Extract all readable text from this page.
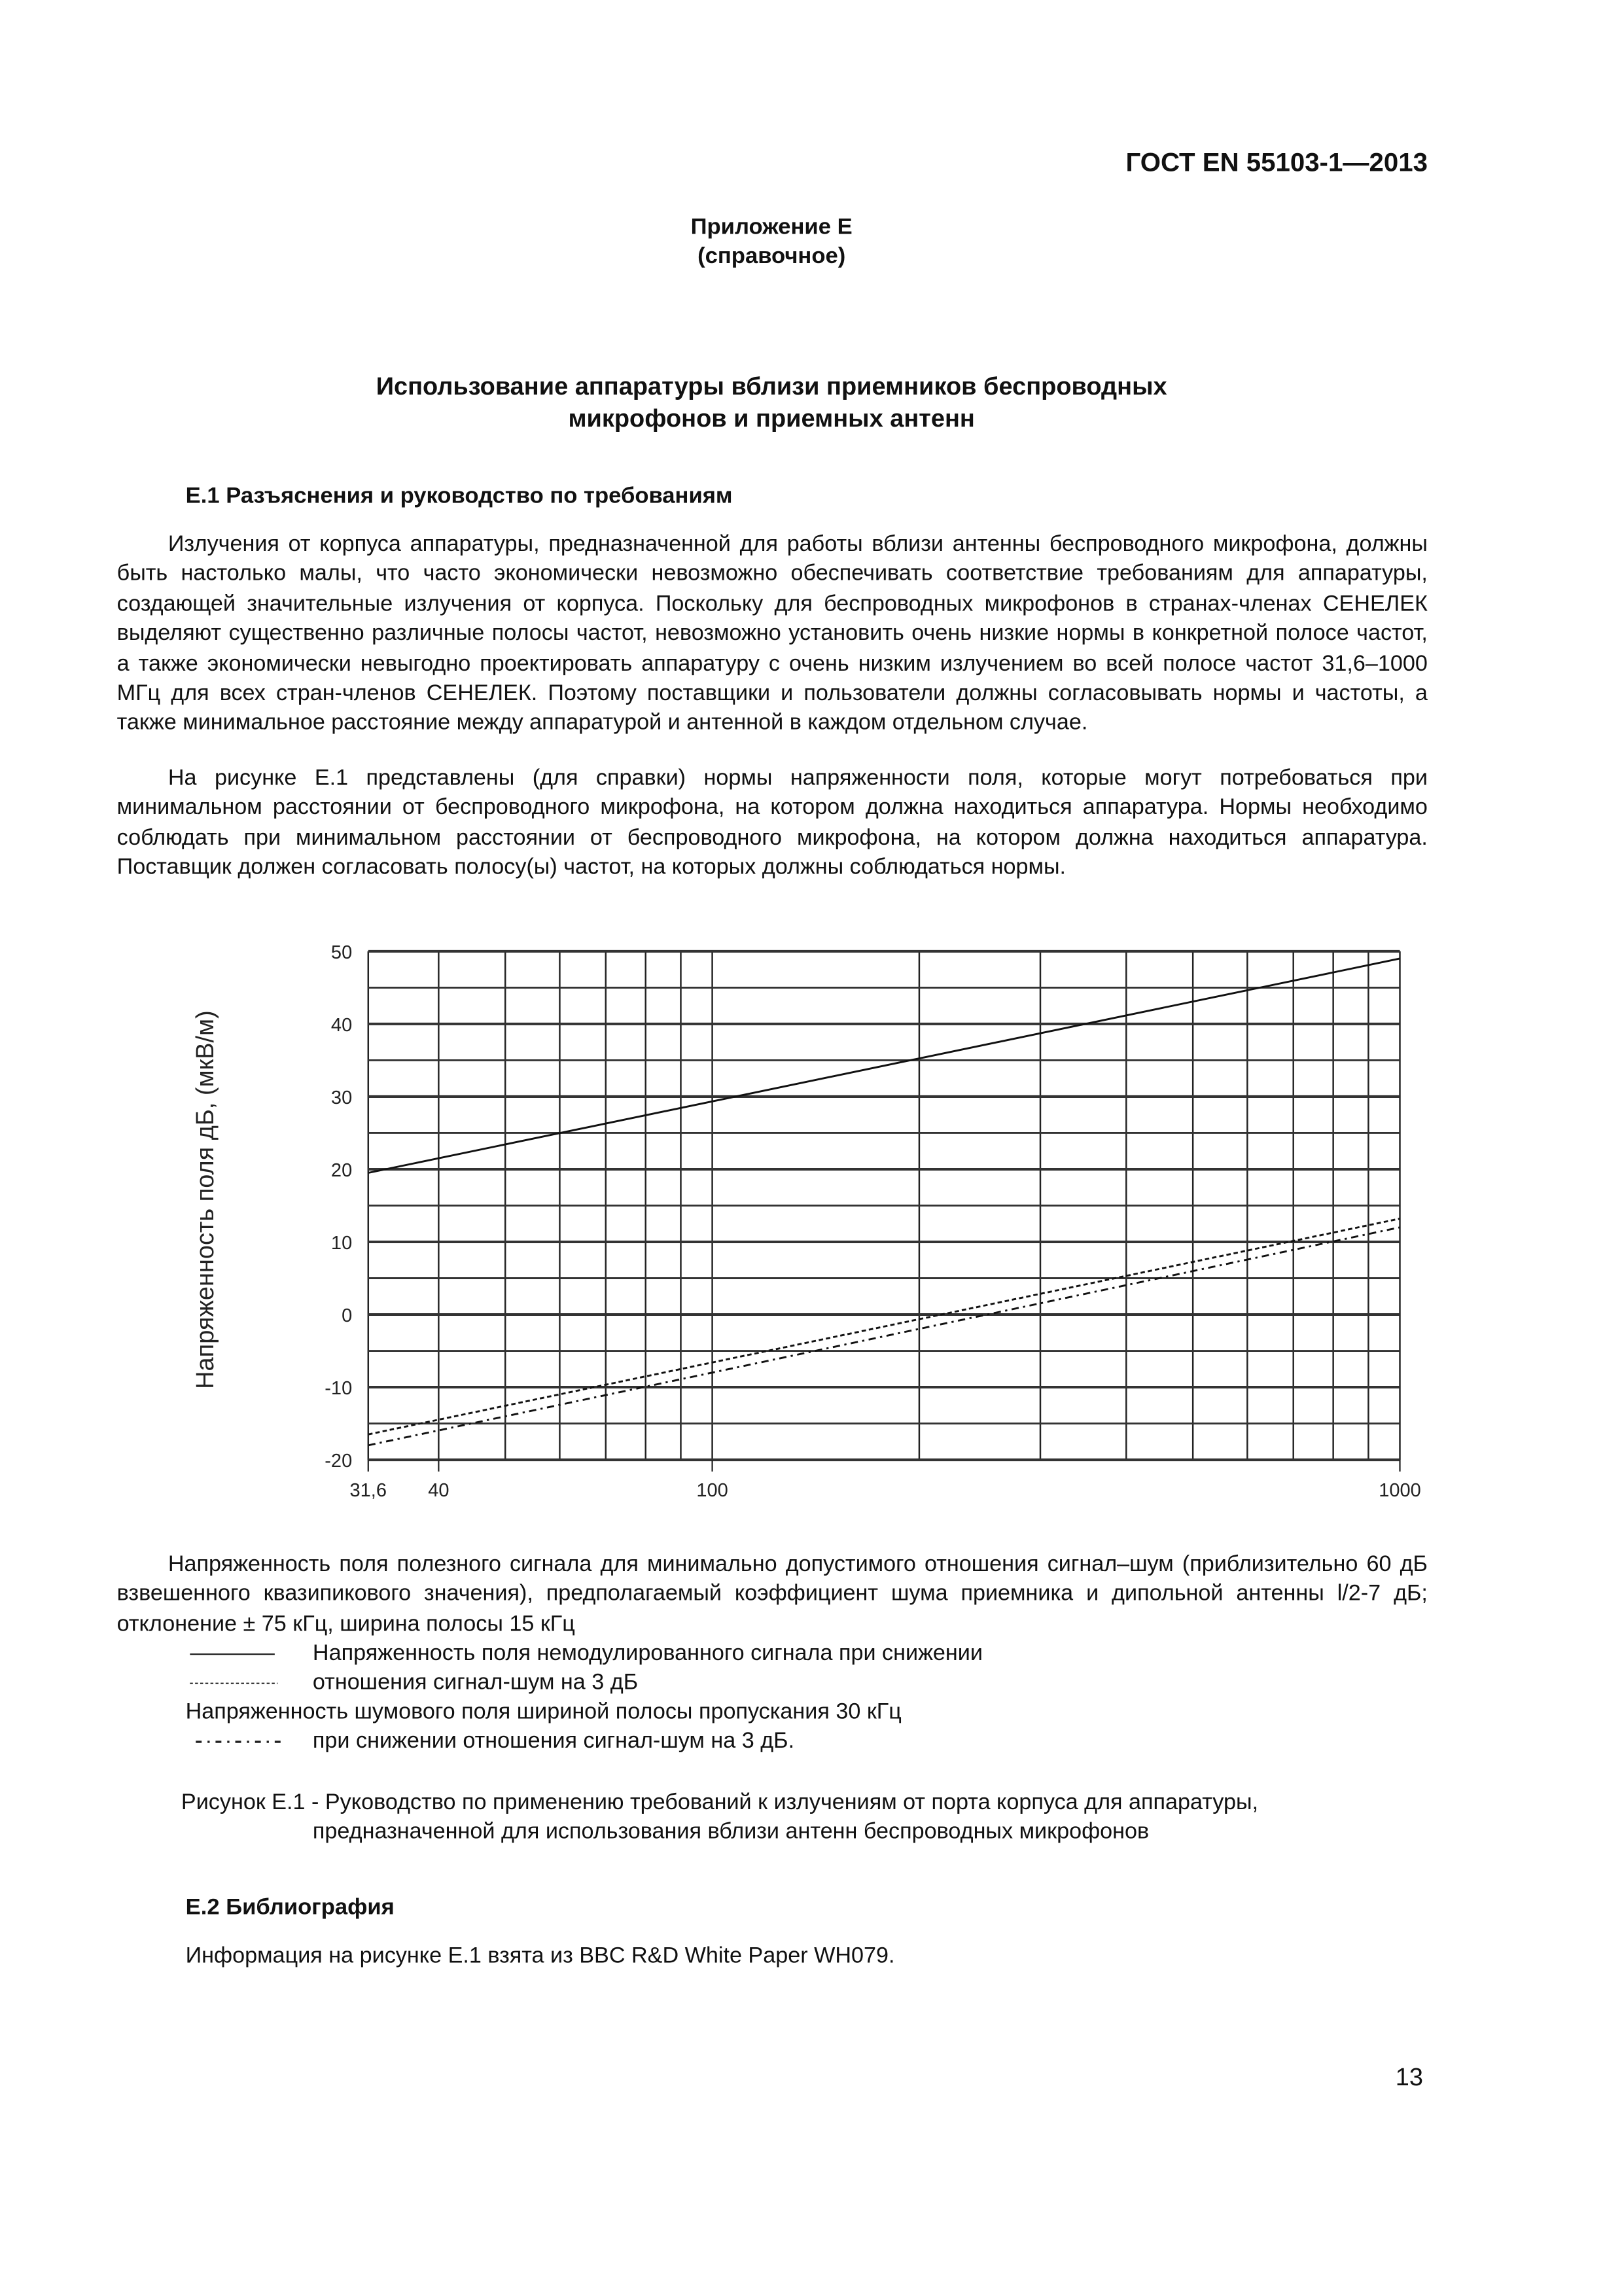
ГОСТ EN 55103-1—2013
Приложение E
(справочное)
Использование аппаратуры вблизи приемников беспроводных
микрофонов и приемных антенн
E.1 Разъяснения и руководство по требованиям
Излучения от корпуса аппаратуры, предназначенной для работы вблизи антенны беспроводного микрофона, должны быть настолько малы, что часто экономически невозможно обеспечивать соответствие требованиям для аппаратуры, создающей значительные излучения от корпуса. Поскольку для беспроводных микрофонов в странах-членах СЕНЕЛЕК выделяют существенно различные полосы частот, невозможно установить очень низкие нормы в конкретной полосе частот, а также экономически невыгодно проектировать аппаратуру с очень низким излучением во всей полосе частот 31,6–1000 МГц для всех стран-членов СЕНЕЛЕК. Поэтому поставщики и пользователи должны согласовывать нормы и частоты, а также минимальное расстояние между аппаратурой и антенной в каждом отдельном случае.
На рисунке E.1 представлены (для справки) нормы напряженности поля, которые могут потребоваться при минимальном расстоянии от беспроводного микрофона, на котором должна находиться аппаратура. Нормы необходимо соблюдать при минимальном расстоянии от беспроводного микрофона, на котором должна находиться аппаратура. Поставщик должен согласовать полосу(ы) частот, на которых должны соблюдаться нормы.
50
40
30
20
10
0
-10
-20
31,6	40	100	1000
Напряженность поля дБ, (мкВ/м)
Напряженность поля полезного сигнала для минимально допустимого отношения сигнал–шум (приблизительно 60 дБ взвешенного квазипикового значения), предполагаемый коэффициент шума приемника и дипольной антенны l/2-7 дБ; отклонение ± 75 кГц, ширина полосы 15 кГц
Напряженность поля немодулированного сигнала при снижении
отношения сигнал-шум на 3 дБ
Напряженность шумового поля шириной полосы пропускания 30 кГц
при снижении отношения сигнал-шум на 3 дБ.
Рисунок E.1 - Руководство по применению требований к излучениям от порта корпуса для аппаратуры,
предназначенной для использования вблизи антенн беспроводных микрофонов
E.2 Библиография
Информация на рисунке E.1 взята из BBC R&D White Paper WH079.
13
